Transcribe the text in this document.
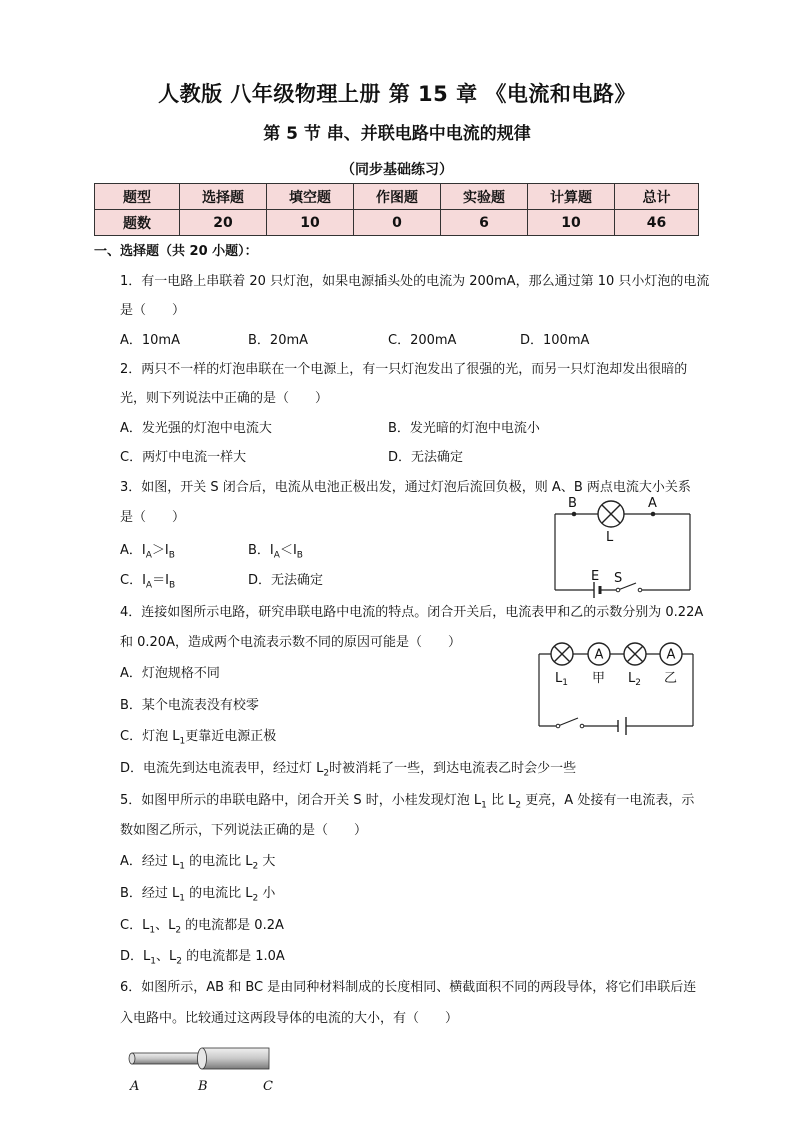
人教版 八年级物理上册 第 15 章 《电流和电路》
第 5 节 串、并联电路中电流的规律
（同步基础练习）
题型	选择题	填空题	作图题	实验题	计算题	总计
题数	20	10	0	6	10	46
一、选择题（共 20 小题）：
1．有一电路上串联着 20 只灯泡，如果电源插头处的电流为 200mA，那么通过第 10 只小灯泡的电流
是（　　）
A．10mA	B．20mA	C．200mA	D．100mA
2．两只不一样的灯泡串联在一个电源上，有一只灯泡发出了很强的光，而另一只灯泡却发出很暗的
光，则下列说法中正确的是（　　）
A．发光强的灯泡中电流大	B．发光暗的灯泡中电流小
C．两灯中电流一样大	D．无法确定
3．如图，开关 S 闭合后，电流从电池正极出发，通过灯泡后流回负极，则 A、B 两点电流大小关系
是（　　）
A．$I_A>I_B$	B．$I_A<I_B$
C．$I_A=I_B$	D．无法确定
B	A
L
E S
4．连接如图所示电路，研究串联电路中电流的特点。闭合开关后，电流表甲和乙的示数分别为 0.22A
和 0.20A，造成两个电流表示数不同的原因可能是（　　）
A．灯泡规格不同
B．某个电流表没有校零
C．灯泡 $L_1$更靠近电源正极
D．电流先到达电流表甲，经过灯 $L_2$时被消耗了一些，到达电流表乙时会少一些
A	A
$L_1$ 甲 $L_2$ 乙
5．如图甲所示的串联电路中，闭合开关 S 时，小桂发现灯泡 $L_1$ 比 $L_2$ 更亮，A 处接有一电流表，示
数如图乙所示，下列说法正确的是（　　）
A．经过 $L_1$ 的电流比 $L_2$ 大
B．经过 $L_1$ 的电流比 $L_2$ 小
C．$L_1$、$L_2$ 的电流都是 0.2A
D．$L_1$、$L_2$ 的电流都是 1.0A
6．如图所示，AB 和 BC 是由同种材料制成的长度相同、横截面积不同的两段导体，将它们串联后连
入电路中。比较通过这两段导体的电流的大小，有（　　）
A	B	C
